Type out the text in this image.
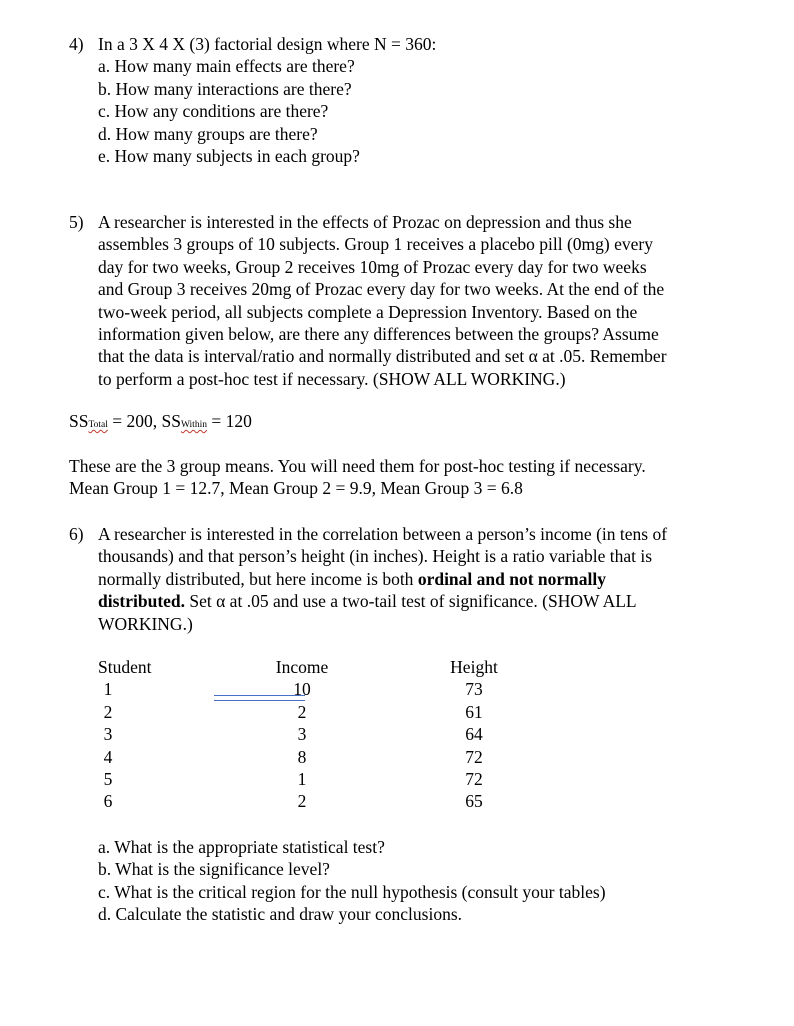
4) In a 3 X 4 X (3) factorial design where N = 360:
a. How many main effects are there?
b. How many interactions are there?
c. How any conditions are there?
d. How many groups are there?
e. How many subjects in each group?
5) A researcher is interested in the effects of Prozac on depression and thus she
assembles 3 groups of 10 subjects. Group 1 receives a placebo pill (0mg) every
day for two weeks, Group 2 receives 10mg of Prozac every day for two weeks
and Group 3 receives 20mg of Prozac every day for two weeks. At the end of the
two-week period, all subjects complete a Depression Inventory. Based on the
information given below, are there any differences between the groups? Assume
that the data is interval/ratio and normally distributed and set α at .05. Remember
to perform a post-hoc test if necessary. (SHOW ALL WORKING.)
SSTotal = 200, SSWithin = 120
These are the 3 group means. You will need them for post-hoc testing if necessary.
Mean Group 1 = 12.7, Mean Group 2 = 9.9, Mean Group 3 = 6.8
6) A researcher is interested in the correlation between a person’s income (in tens of
thousands) and that person’s height (in inches). Height is a ratio variable that is
normally distributed, but here income is both ordinal and not normally
distributed. Set α at .05 and use a two-tail test of significance. (SHOW ALL
WORKING.)
Student	Income		Height

1	10		73

2	2		61

3	3		64

4	8		72

5	1		72

6	2		65
a. What is the appropriate statistical test?
b. What is the significance level?
c. What is the critical region for the null hypothesis (consult your tables)
d. Calculate the statistic and draw your conclusions.
